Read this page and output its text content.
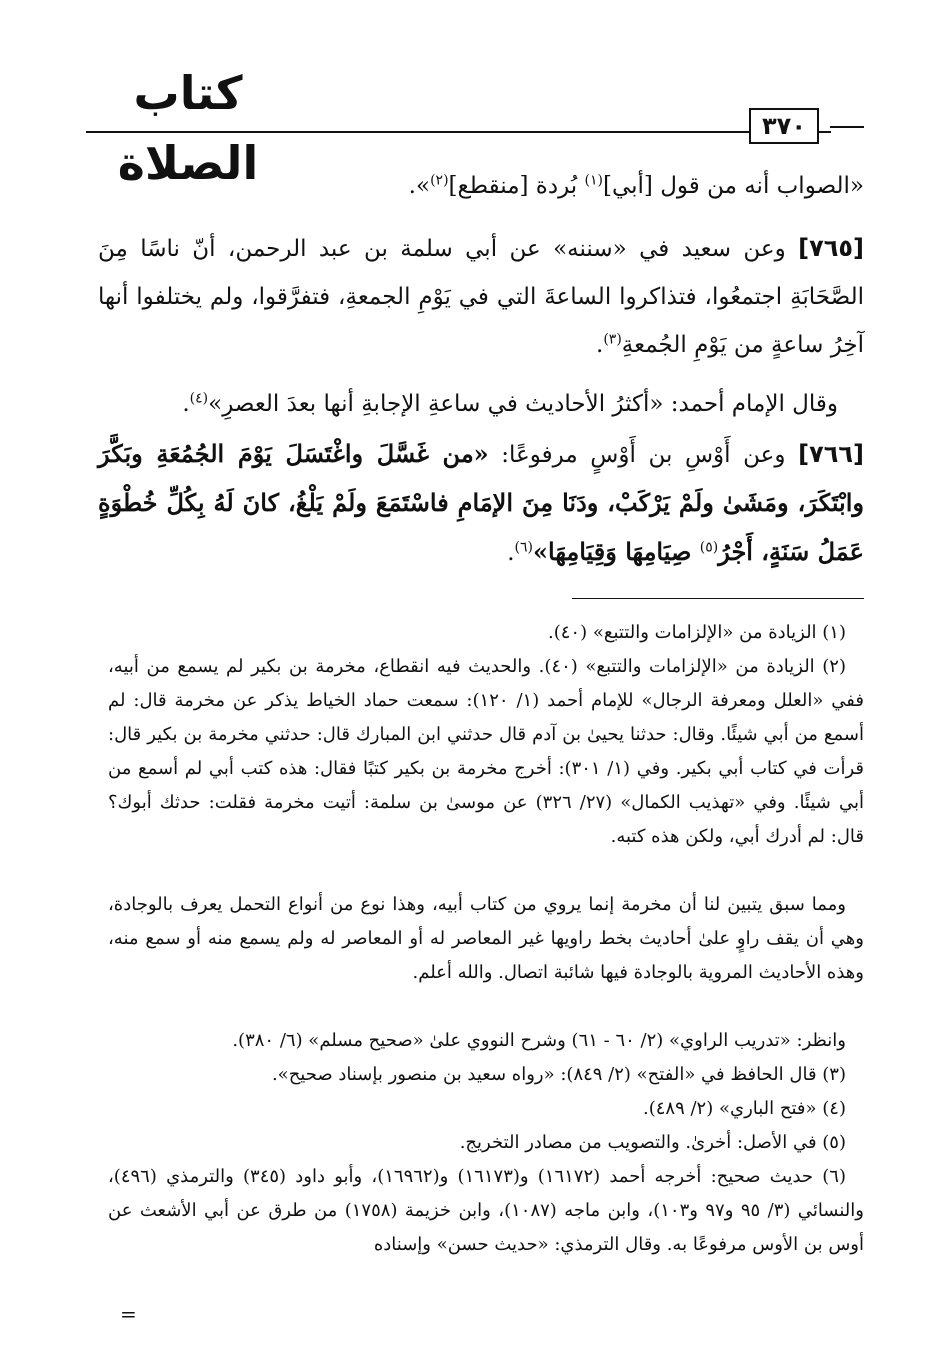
كتاب الصلاة
٣٧٠
«الصواب أنه من قول [أبي]$^{(١)}$ بُردة [منقطع]$^{(٢)}$».
[٧٦٥] وعن سعيد في «سننه» عن أبي سلمة بن عبد الرحمن، أنّ ناسًا مِنَ الصَّحَابَةِ اجتمعُوا، فتذاكروا الساعةَ التي في يَوْمِ الجمعةِ، فتفرَّقوا، ولم يختلفوا أنها آخِرُ ساعةٍ من يَوْمِ الجُمعةِ$^{(٣)}$.
وقال الإمام أحمد: «أكثرُ الأحاديث في ساعةِ الإجابةِ أنها بعدَ العصرِ»$^{(٤)}$.
[٧٦٦] وعن أَوْسِ بن أَوْسٍ مرفوعًا: «من غَسَّلَ واغْتَسَلَ يَوْمَ الجُمُعَةِ وبَكَّرَ وابْتَكَرَ، ومَشَىٰ ولَمْ يَرْكَبْ، ودَنَا مِنَ الإمَامِ فاسْتَمَعَ ولَمْ يَلْغُ، كانَ لَهُ بِكُلِّ خُطْوَةٍ عَمَلُ سَنَةٍ، أَجْرُ$^{(٥)}$ صِيَامِهَا وَقِيَامِهَا»$^{(٦)}$.
(١) الزيادة من «الإلزامات والتتبع» (٤٠).
(٢) الزيادة من «الإلزامات والتتبع» (٤٠). والحديث فيه انقطاع، مخرمة بن بكير لم يسمع من أبيه، ففي «العلل ومعرفة الرجال» للإمام أحمد (١/ ١٢٠): سمعت حماد الخياط يذكر عن مخرمة قال: لم أسمع من أبي شيئًا. وقال: حدثنا يحيىٰ بن آدم قال حدثني ابن المبارك قال: حدثني مخرمة بن بكير قال: قرأت في كتاب أبي بكير. وفي (١/ ٣٠١): أخرج مخرمة بن بكير كتبًا فقال: هذه كتب أبي لم أسمع من أبي شيئًا. وفي «تهذيب الكمال» (٢٧/ ٣٢٦) عن موسىٰ بن سلمة: أتيت مخرمة فقلت: حدثك أبوك؟ قال: لم أدرك أبي، ولكن هذه كتبه.
ومما سبق يتبين لنا أن مخرمة إنما يروي من كتاب أبيه، وهذا نوع من أنواع التحمل يعرف بالوجادة، وهي أن يقف راوٍ علىٰ أحاديث بخط راويها غير المعاصر له أو المعاصر له ولم يسمع منه أو سمع منه، وهذه الأحاديث المروية بالوجادة فيها شائبة اتصال. والله أعلم.
وانظر: «تدريب الراوي» (٢/ ٦٠ - ٦١) وشرح النووي علىٰ «صحيح مسلم» (٦/ ٣٨٠).
(٣) قال الحافظ في «الفتح» (٢/ ٨٤٩): «رواه سعيد بن منصور بإسناد صحيح».
(٤) «فتح الباري» (٢/ ٤٨٩).
(٥) في الأصل: أخرىٰ. والتصويب من مصادر التخريج.
(٦) حديث صحيح: أخرجه أحمد (١٦١٧٢) و(١٦١٧٣) و(١٦٩٦٢)، وأبو داود (٣٤٥) والترمذي (٤٩٦)، والنسائي (٣/ ٩٥ و٩٧ و١٠٣)، وابن ماجه (١٠٨٧)، وابن خزيمة (١٧٥٨) من طرق عن أبي الأشعث عن أوس بن الأوس مرفوعًا به. وقال الترمذي: «حديث حسن» وإسناده
=
